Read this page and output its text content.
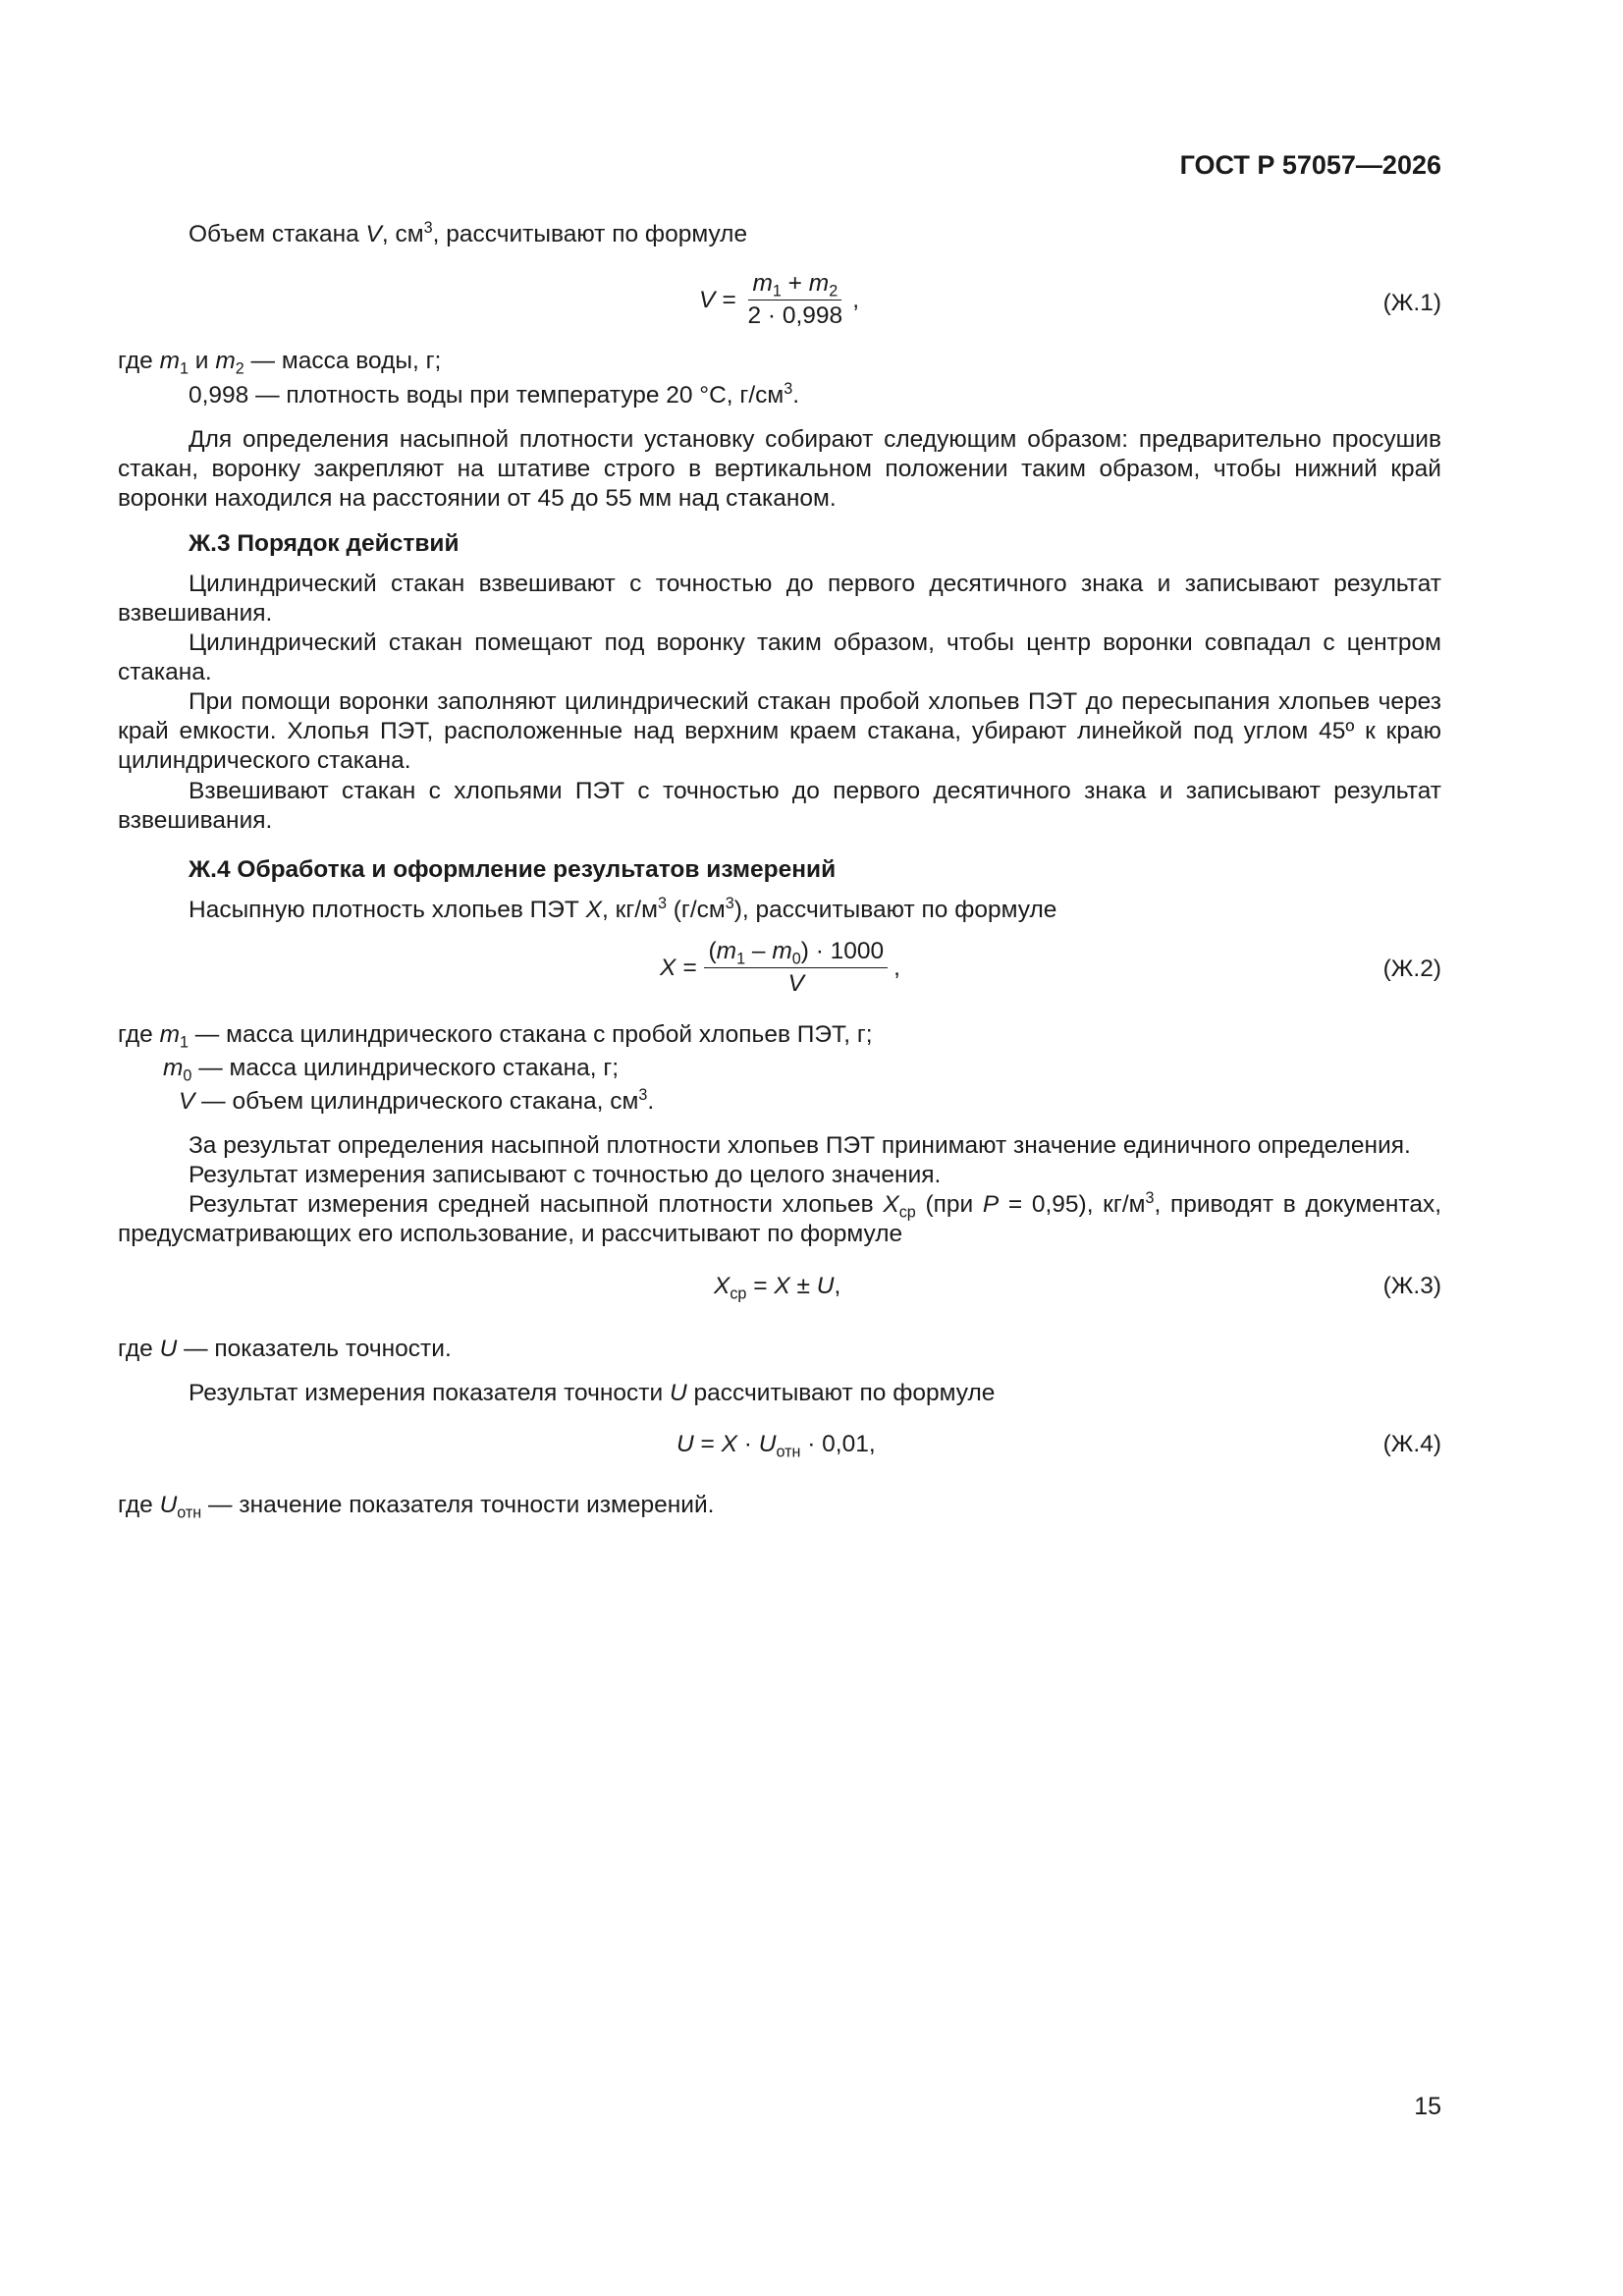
ГОСТ Р 57057—2026
Объем стакана V, $см^3$, рассчитывают по формуле
$V = \frac{m_1 + m_2}{2 \cdot 0,998}$ ,	(Ж.1)
где $m_1$ и $m_2$ — масса воды, г;
0,998 — плотность воды при температуре 20 °С, $г/см^3$.
Для определения насыпной плотности установку собирают следующим образом: предварительно просушив стакан, воронку закрепляют на штативе строго в вертикальном положении таким образом, чтобы нижний край воронки находился на расстоянии от 45 до 55 мм над стаканом.
Ж.3 Порядок действий
Цилиндрический стакан взвешивают с точностью до первого десятичного знака и записывают результат взвешивания.
Цилиндрический стакан помещают под воронку таким образом, чтобы центр воронки совпадал с центром стакана.
При помощи воронки заполняют цилиндрический стакан пробой хлопьев ПЭТ до пересыпания хлопьев через край емкости. Хлопья ПЭТ, расположенные над верхним краем стакана, убирают линейкой под углом 45º к краю цилиндрического стакана.
Взвешивают стакан с хлопьями ПЭТ с точностью до первого десятичного знака и записывают результат взвешивания.
Ж.4 Обработка и оформление результатов измерений
Насыпную плотность хлопьев ПЭТ X, $кг/м^3$ $(г/см^3)$, рассчитывают по формуле
$X = \frac{(m_1 - m_0) \cdot 1000}{V}$ ,	(Ж.2)
где $m_1$ — масса цилиндрического стакана с пробой хлопьев ПЭТ, г;
$m_0$ — масса цилиндрического стакана, г;
V — объем цилиндрического стакана, $см^3$.
За результат определения насыпной плотности хлопьев ПЭТ принимают значение единичного определения.
Результат измерения записывают с точностью до целого значения.
Результат измерения средней насыпной плотности хлопьев $X_{ср}$ (при P = 0,95), $кг/м^3$, приводят в документах, предусматривающих его использование, и рассчитывают по формуле
$X_{ср} = X \pm U$,	(Ж.3)
где U — показатель точности.
Результат измерения показателя точности U рассчитывают по формуле
$U = X \cdot U_{отн} \cdot 0,01$,	(Ж.4)
где $U_{отн}$ — значение показателя точности измерений.
15
